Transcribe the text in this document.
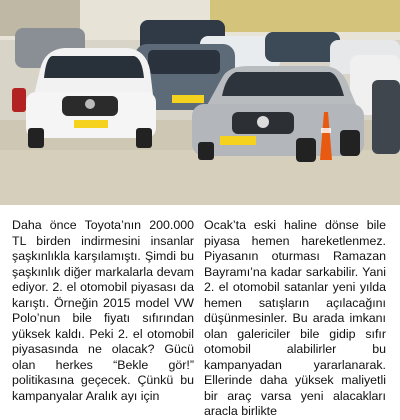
Daha önce Toyota’nın 200.000 TL birden indirmesini insanlar şaşkınlıkla karşılamıştı. Şimdi bu şaşkınlık diğer markalarla devam ediyor. 2. el otomobil piyasası da karıştı. Örneğin 2015 model VW Polo’nun bile fiyatı sıfırından yüksek kaldı. Peki 2. el otomobil piyasasında ne olacak? Gücü olan herkes “Bekle gör!” politikasına geçecek. Çünkü bu kampanyalar Aralık ayı için

Ocak’ta eski haline dönse bile piyasa hemen hareketlenmez. Piyasanın oturması Ramazan Bayramı’na kadar sarkabilir. Yani 2. el otomobil satanlar yeni yılda hemen satışların açılacağını düşünmesinler. Bu arada imkanı olan galericiler bile gidip sıfır otomobil alabilirler bu kampanyadan yararlanarak. Ellerinde daha yüksek maliyetli bir araç varsa yeni alacakları aracla birlikte
